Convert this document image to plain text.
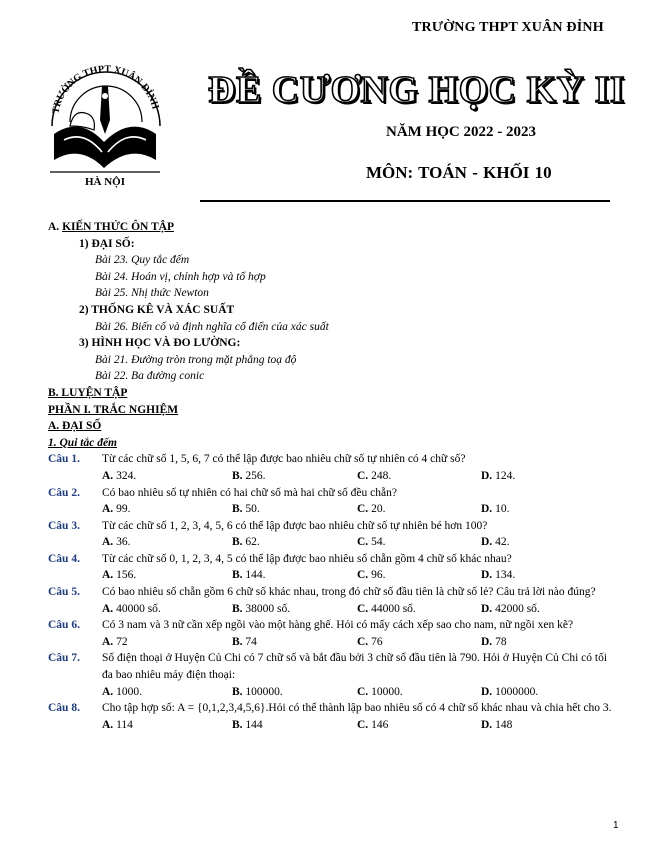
TRƯỜNG THPT XUÂN ĐỈNH
TRƯỜNG THPT XUÂN ĐỈNH
HÀ NỘI
ĐỀ CƯƠNG HỌC KỲ II
NĂM HỌC 2022 - 2023
MÔN: TOÁN - KHỐI 10
A. KIẾN THỨC ÔN TẬP
1) ĐẠI SỐ:
Bài 23. Quy tắc đếm
Bài 24. Hoán vị, chỉnh hợp và tổ hợp
Bài 25. Nhị thức Newton
2) THỐNG KÊ VÀ XÁC SUẤT
Bài 26. Biến cố và định nghĩa cổ điển của xác suất
3) HÌNH HỌC VÀ ĐO LƯỜNG:
Bài 21. Đường tròn trong mặt phẳng toạ độ
Bài 22. Ba đường conic
B. LUYỆN TẬP
PHẦN I. TRẮC NGHIỆM
A. ĐẠI SỐ
1. Qui tắc đếm
Câu 1.	Từ các chữ số 1, 5, 6, 7 có thể lập được bao nhiêu chữ số tự nhiên có 4 chữ số?
A. 324.	B. 256.	C. 248.	D. 124.
Câu 2.	Có bao nhiêu số tự nhiên có hai chữ số mà hai chữ số đều chẵn?
A. 99.	B. 50.	C. 20.	D. 10.
Câu 3.	Từ các chữ số 1, 2, 3, 4, 5, 6 có thể lập được bao nhiêu chữ số tự nhiên bé hơn 100?
A. 36.	B. 62.	C. 54.	D. 42.
Câu 4.	Từ các chữ số 0, 1, 2, 3, 4, 5 có thể lập được bao nhiêu số chẵn gồm 4 chữ số khác nhau?
A. 156.	B. 144.	C. 96.	D. 134.
Câu 5.	Có bao nhiêu số chẵn gồm 6 chữ số khác nhau, trong đó chữ số đầu tiên là chữ số lẻ? Câu trả lời nào đúng?
A. 40000 số.	B. 38000 số.	C. 44000 số.	D. 42000 số.
Câu 6.	Có 3 nam và 3 nữ cần xếp ngồi vào một hàng ghế. Hỏi có mấy cách xếp sao cho nam, nữ ngồi xen kẽ?
A. 72	B. 74	C. 76	D. 78
Câu 7.	Số điện thoại ở Huyện Củ Chi có 7 chữ số và bắt đầu bởi 3 chữ số đầu tiên là 790. Hỏi ở Huyện Củ Chi có tối đa bao nhiêu máy điện thoại:
A. 1000.	B. 100000.	C. 10000.	D. 1000000.
Câu 8.	Cho tập hợp số: A = {0,1,2,3,4,5,6}.Hỏi có thể thành lập bao nhiêu số có 4 chữ số khác nhau và chia hết cho 3.
A. 114	B. 144	C. 146	D. 148
1
